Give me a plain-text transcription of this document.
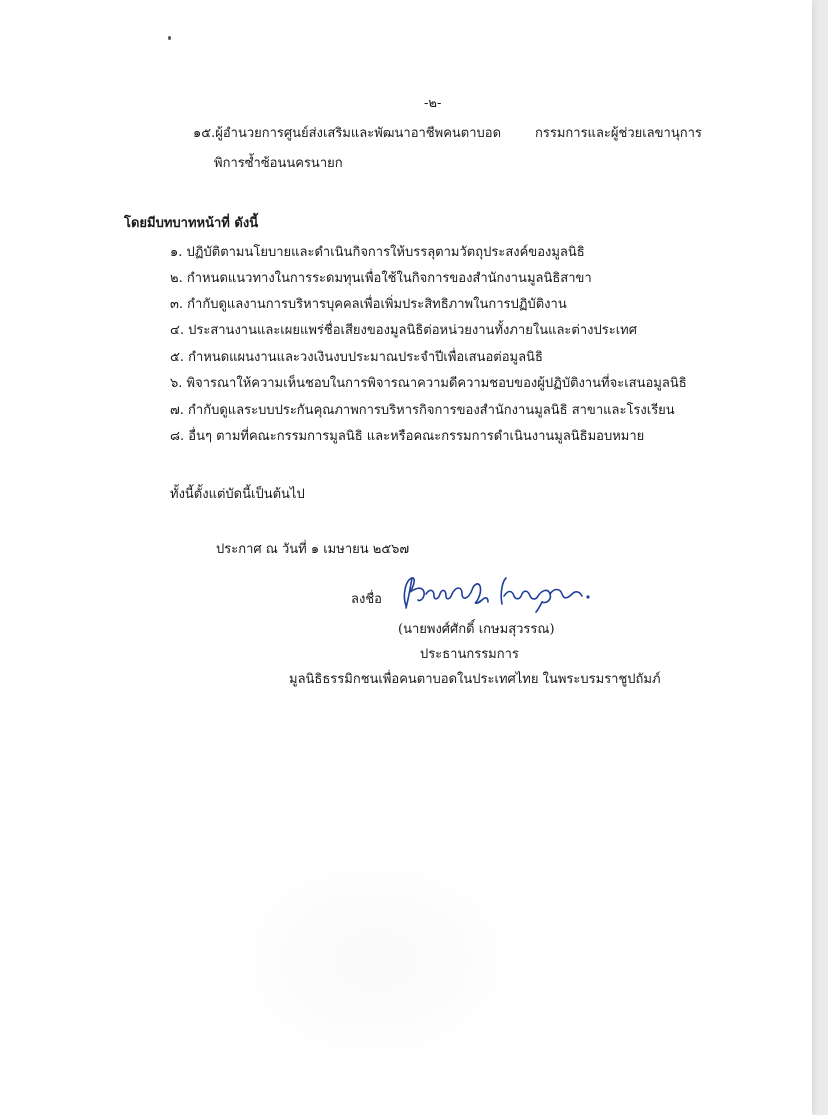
-๒-
๑๕.ผู้อำนวยการศูนย์ส่งเสริมและพัฒนาอาชีพคนตาบอด	กรรมการและผู้ช่วยเลขานุการ
พิการซ้ำซ้อนนครนายก
โดยมีบทบาทหน้าที่ ดังนี้
๑. ปฏิบัติตามนโยบายและดำเนินกิจการให้บรรลุตามวัตถุประสงค์ของมูลนิธิ
๒. กำหนดแนวทางในการระดมทุนเพื่อใช้ในกิจการของสำนักงานมูลนิธิสาขา
๓. กำกับดูแลงานการบริหารบุคคลเพื่อเพิ่มประสิทธิภาพในการปฏิบัติงาน
๔. ประสานงานและเผยแพร่ชื่อเสียงของมูลนิธิต่อหน่วยงานทั้งภายในและต่างประเทศ
๕. กำหนดแผนงานและวงเงินงบประมาณประจำปีเพื่อเสนอต่อมูลนิธิ
๖. พิจารณาให้ความเห็นชอบในการพิจารณาความดีความชอบของผู้ปฏิบัติงานที่จะเสนอมูลนิธิ
๗. กำกับดูแลระบบประกันคุณภาพการบริหารกิจการของสำนักงานมูลนิธิ สาขาและโรงเรียน
๘. อื่นๆ ตามที่คณะกรรมการมูลนิธิ และหรือคณะกรรมการดำเนินงานมูลนิธิมอบหมาย
ทั้งนี้ตั้งแต่บัดนี้เป็นต้นไป
ประกาศ ณ วันที่ ๑ เมษายน ๒๕๖๗
ลงชื่อ
(นายพงศ์ศักดิ์ เกษมสุวรรณ)
ประธานกรรมการ
มูลนิธิธรรมิกชนเพื่อคนตาบอดในประเทศไทย ในพระบรมราชูปถัมภ์
